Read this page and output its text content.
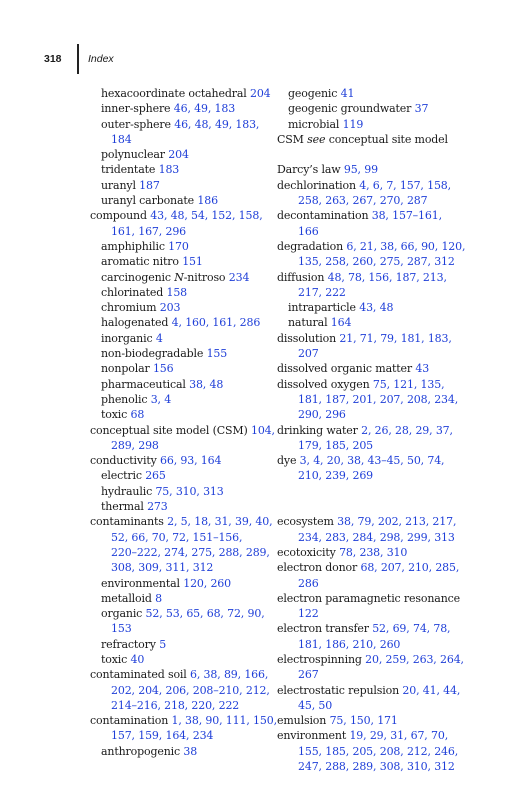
318	Index
hexacoordinate octahedral 204
inner-sphere 46, 49, 183
outer-sphere 46, 48, 49, 183,
184
polynuclear 204
tridentate 183
uranyl 187
uranyl carbonate 186
compound 43, 48, 54, 152, 158,
161, 167, 296
amphiphilic 170
aromatic nitro 151
carcinogenic N-nitroso 234
chlorinated 158
chromium 203
halogenated 4, 160, 161, 286
inorganic 4
non-biodegradable 155
nonpolar 156
pharmaceutical 38, 48
phenolic 3, 4
toxic 68
conceptual site model (CSM) 104,
289, 298
conductivity 66, 93, 164
electric 265
hydraulic 75, 310, 313
thermal 273
contaminants 2, 5, 18, 31, 39, 40,
52, 66, 70, 72, 151–156,
220–222, 274, 275, 288, 289,
308, 309, 311, 312
environmental 120, 260
metalloid 8
organic 52, 53, 65, 68, 72, 90,
153
refractory 5
toxic 40
contaminated soil 6, 38, 89, 166,
202, 204, 206, 208–210, 212,
214–216, 218, 220, 222
contamination 1, 38, 90, 111, 150,
157, 159, 164, 234
anthropogenic 38
geogenic 41
geogenic groundwater 37
microbial 119
CSM see conceptual site model
Darcy’s law 95, 99
dechlorination 4, 6, 7, 157, 158,
258, 263, 267, 270, 287
decontamination 38, 157–161,
166
degradation 6, 21, 38, 66, 90, 120,
135, 258, 260, 275, 287, 312
diffusion 48, 78, 156, 187, 213,
217, 222
intraparticle 43, 48
natural 164
dissolution 21, 71, 79, 181, 183,
207
dissolved organic matter 43
dissolved oxygen 75, 121, 135,
181, 187, 201, 207, 208, 234,
290, 296
drinking water 2, 26, 28, 29, 37,
179, 185, 205
dye 3, 4, 20, 38, 43–45, 50, 74,
210, 239, 269
ecosystem 38, 79, 202, 213, 217,
234, 283, 284, 298, 299, 313
ecotoxicity 78, 238, 310
electron donor 68, 207, 210, 285,
286
electron paramagnetic resonance
122
electron transfer 52, 69, 74, 78,
181, 186, 210, 260
electrospinning 20, 259, 263, 264,
267
electrostatic repulsion 20, 41, 44,
45, 50
emulsion 75, 150, 171
environment 19, 29, 31, 67, 70,
155, 185, 205, 208, 212, 246,
247, 288, 289, 308, 310, 312
